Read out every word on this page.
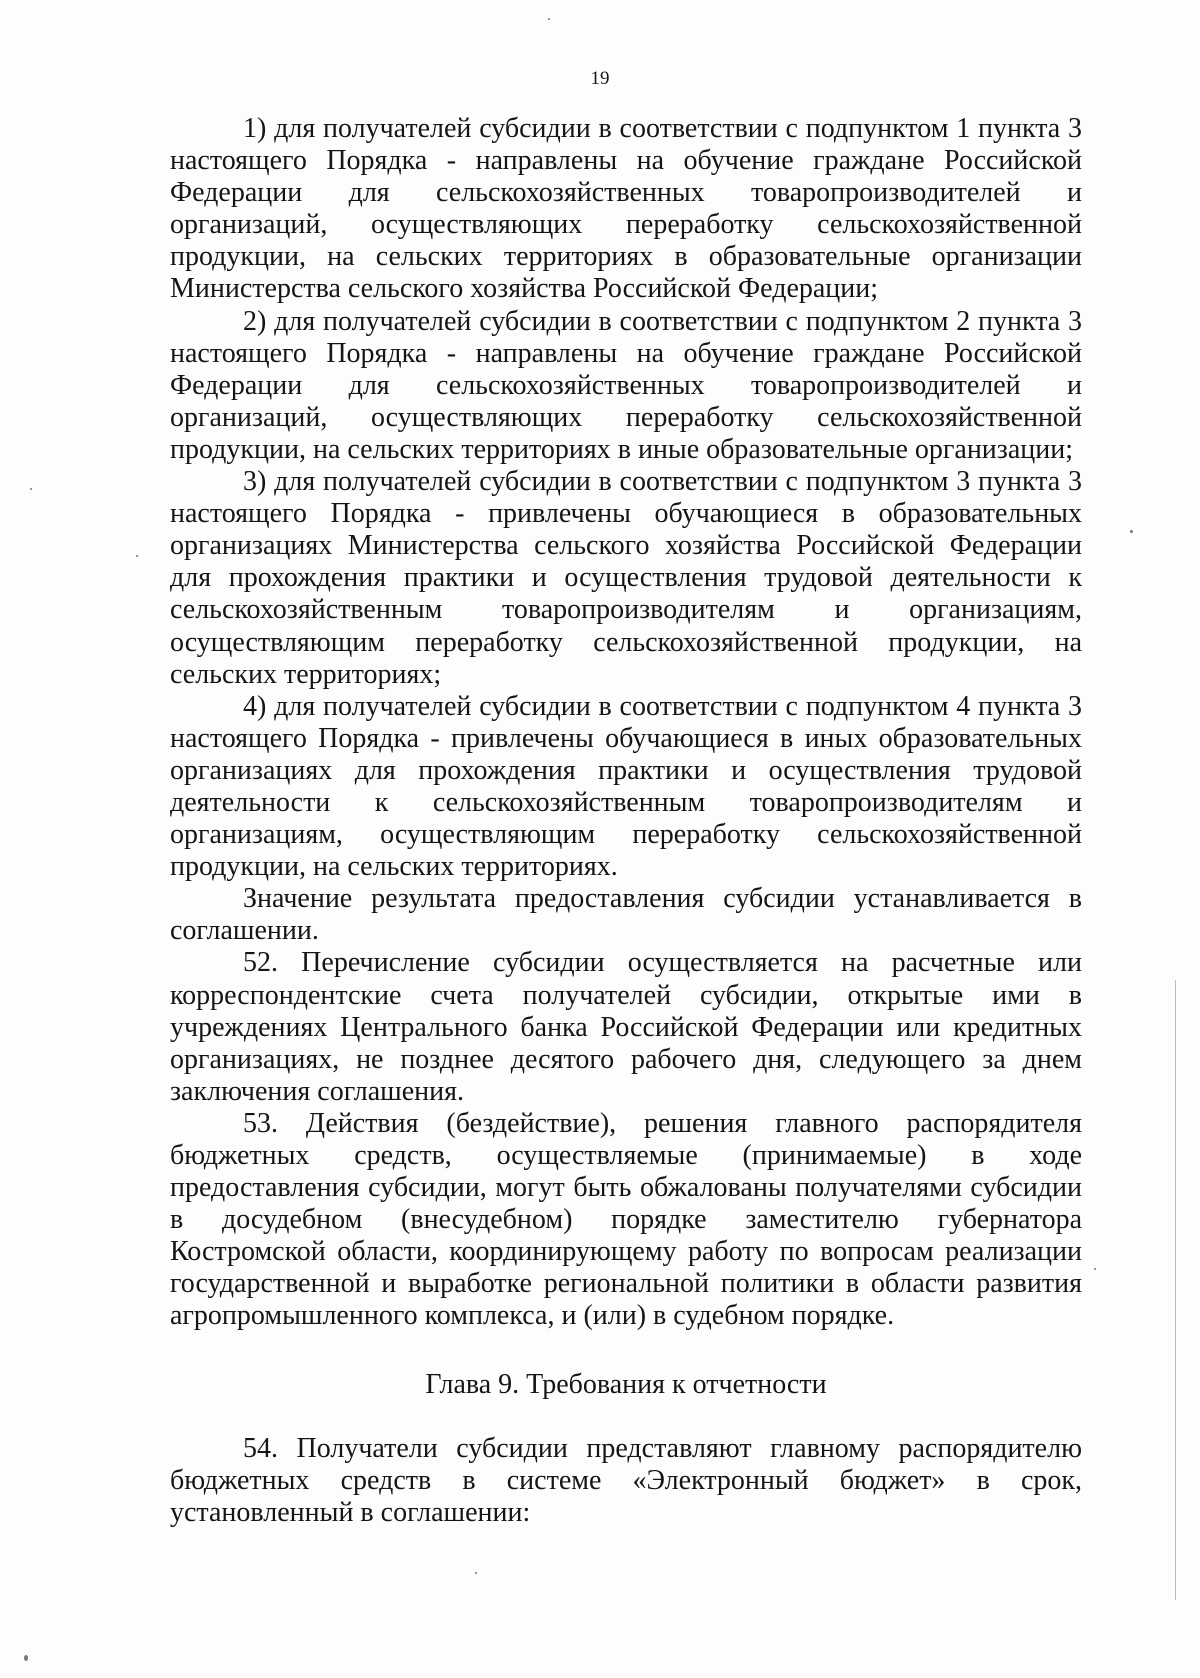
19

1) для получателей субсидии в соответствии с подпунктом 1 пункта 3 настоящего Порядка - направлены на обучение граждане Российской Федерации для сельскохозяйственных товаропроизводителей и организаций, осуществляющих переработку сельскохозяйственной продукции, на сельских территориях в образовательные организации Министерства сельского хозяйства Российской Федерации;

2) для получателей субсидии в соответствии с подпунктом 2 пункта 3 настоящего Порядка - направлены на обучение граждане Российской Федерации для сельскохозяйственных товаропроизводителей и организаций, осуществляющих переработку сельскохозяйственной продукции, на сельских территориях в иные образовательные организации;

3) для получателей субсидии в соответствии с подпунктом 3 пункта 3 настоящего Порядка - привлечены обучающиеся в образовательных организациях Министерства сельского хозяйства Российской Федерации для прохождения практики и осуществления трудовой деятельности к сельскохозяйственным товаропроизводителям и организациям, осуществляющим переработку сельскохозяйственной продукции, на сельских территориях;

4) для получателей субсидии в соответствии с подпунктом 4 пункта 3 настоящего Порядка - привлечены обучающиеся в иных образовательных организациях для прохождения практики и осуществления трудовой деятельности к сельскохозяйственным товаропроизводителям и организациям, осуществляющим переработку сельскохозяйственной продукции, на сельских территориях.

Значение результата предоставления субсидии устанавливается в соглашении.

52. Перечисление субсидии осуществляется на расчетные или корреспондентские счета получателей субсидии, открытые ими в учреждениях Центрального банка Российской Федерации или кредитных организациях, не позднее десятого рабочего дня, следующего за днем заключения соглашения.

53. Действия (бездействие), решения главного распорядителя бюджетных средств, осуществляемые (принимаемые) в ходе предоставления субсидии, могут быть обжалованы получателями субсидии в досудебном (внесудебном) порядке заместителю губернатора Костромской области, координирующему работу по вопросам реализации государственной и выработке региональной политики в области развития агропромышленного комплекса, и (или) в судебном порядке.

Глава 9. Требования к отчетности

54. Получатели субсидии представляют главному распорядителю бюджетных средств в системе «Электронный бюджет» в срок, установленный в соглашении:
